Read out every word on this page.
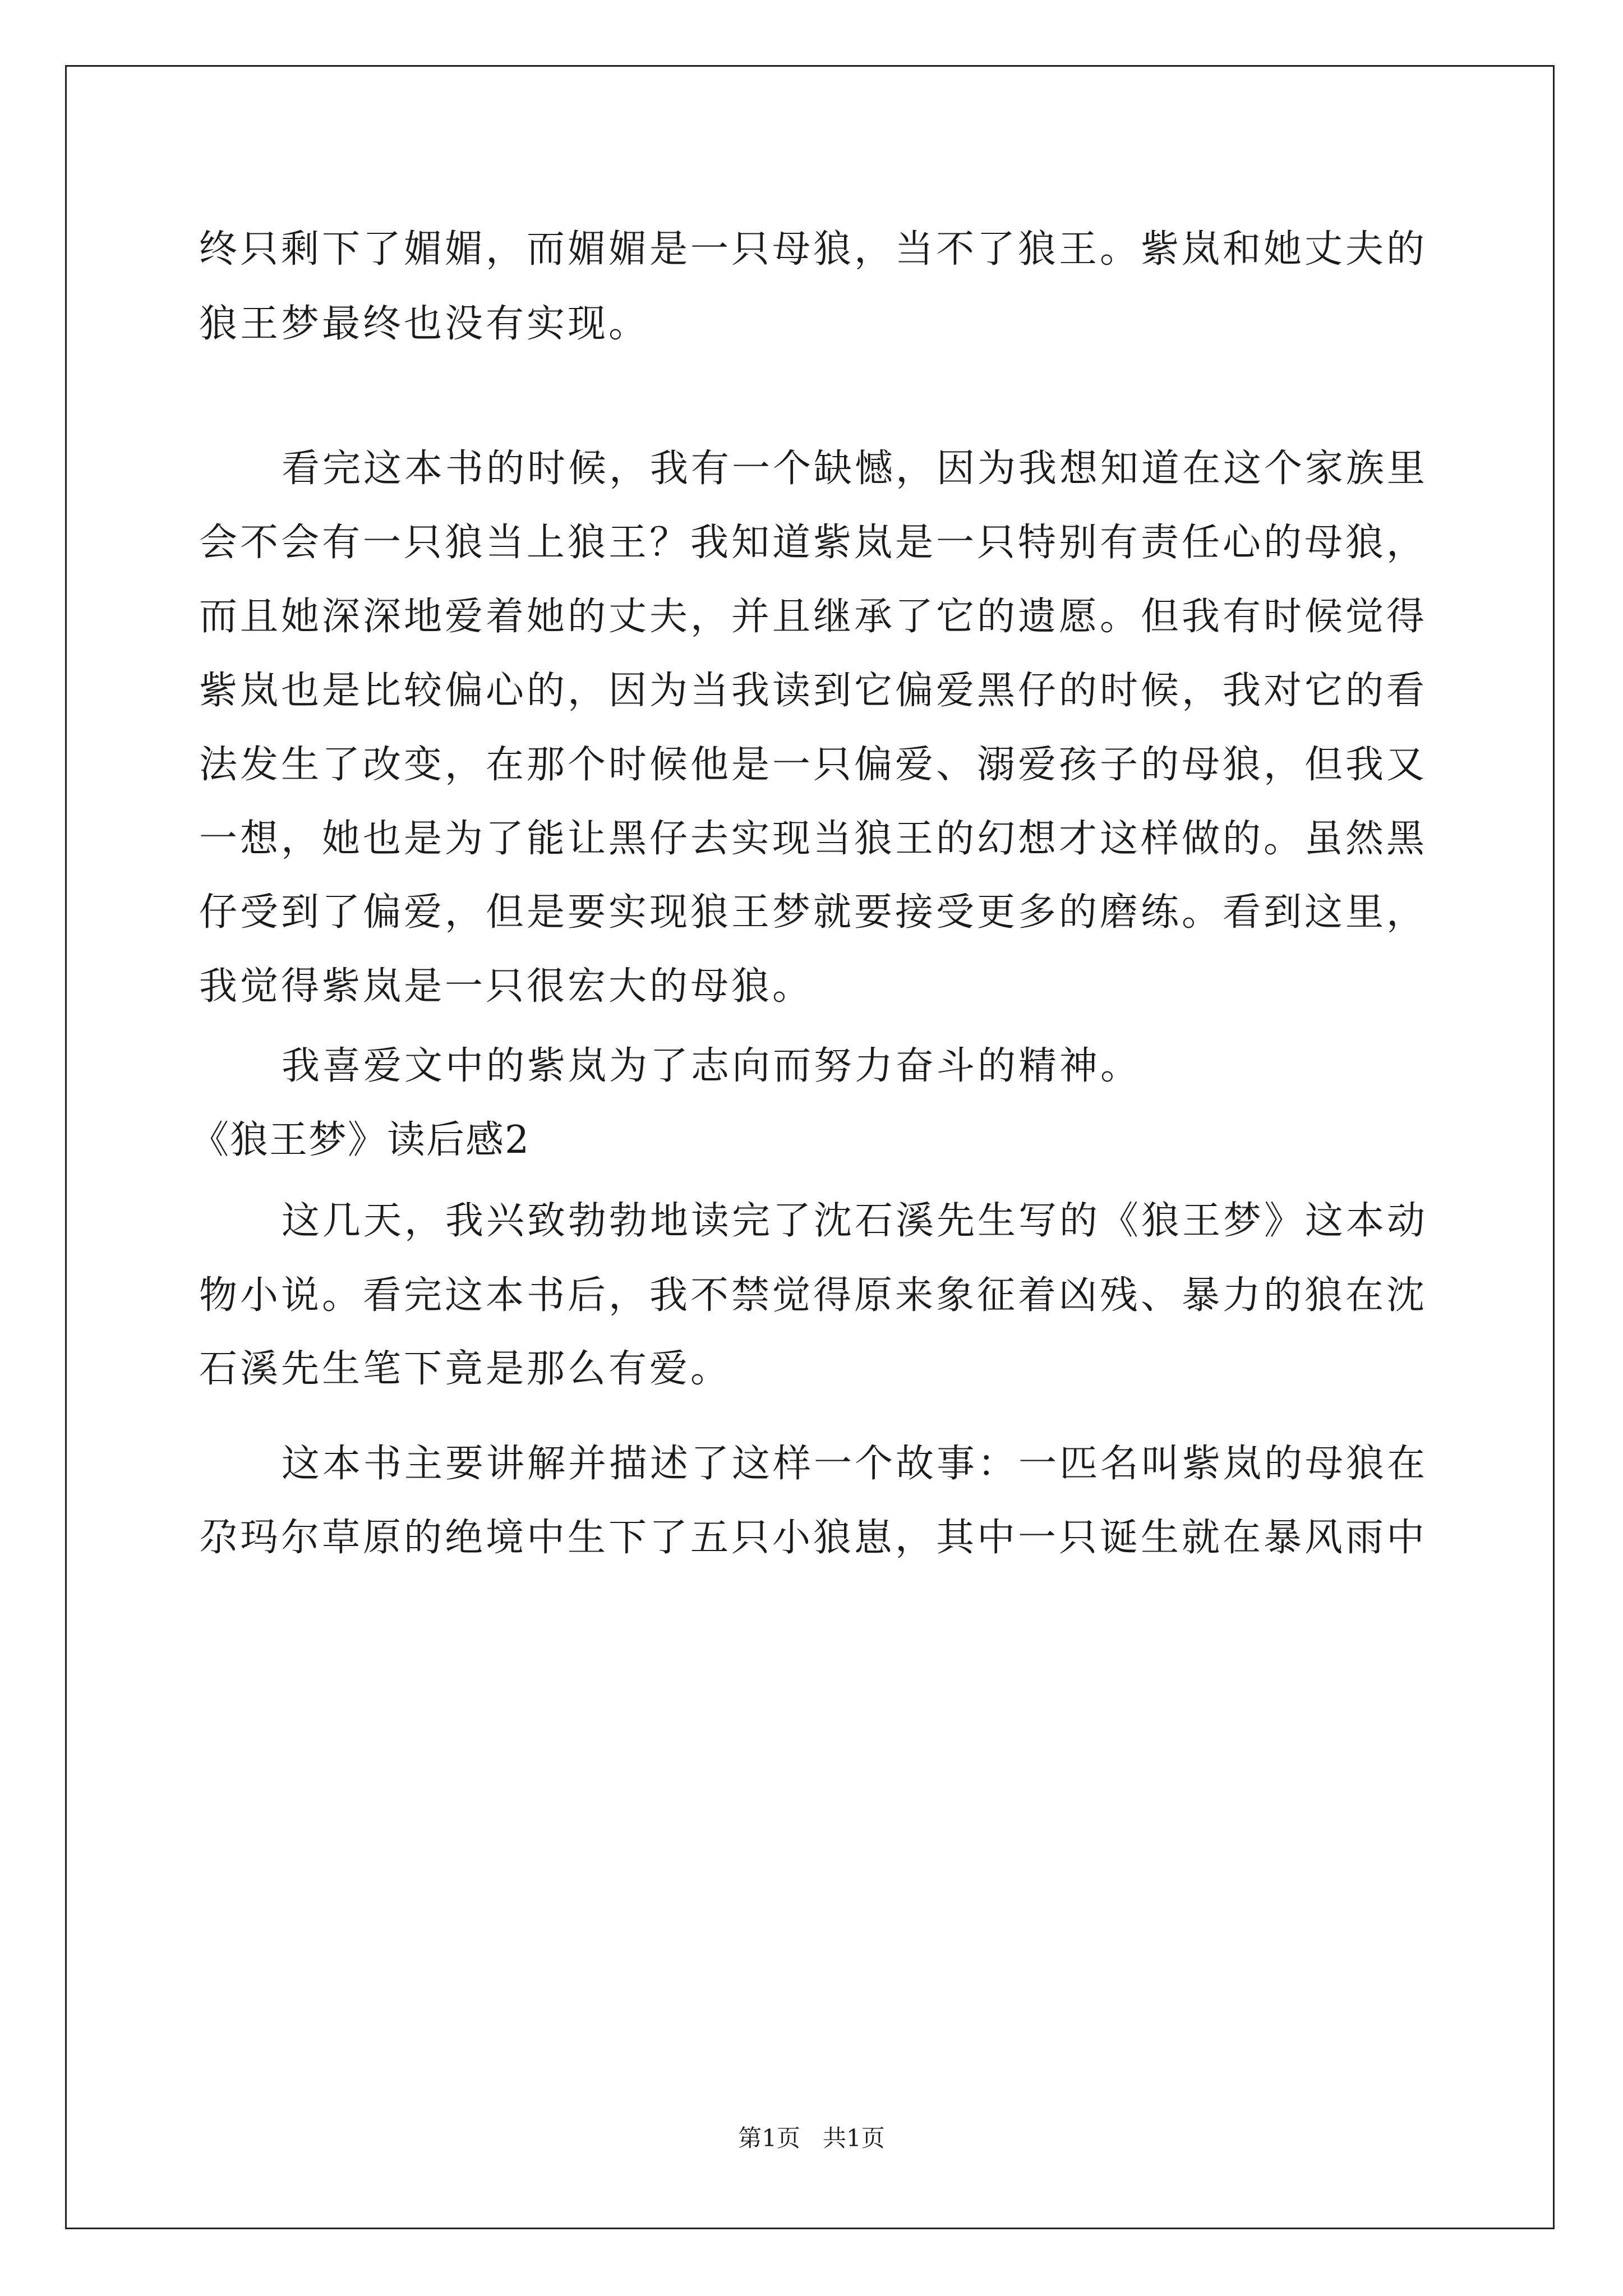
终只剩下了媚媚，而媚媚是一只母狼，当不了狼王。紫岚和她丈夫的
狼王梦最终也没有实现。
看完这本书的时候，我有一个缺憾，因为我想知道在这个家族里
会不会有一只狼当上狼王？我知道紫岚是一只特别有责任心的母狼，
而且她深深地爱着她的丈夫，并且继承了它的遗愿。但我有时候觉得
紫岚也是比较偏心的，因为当我读到它偏爱黑仔的时候，我对它的看
法发生了改变，在那个时候他是一只偏爱、溺爱孩子的母狼，但我又
一想，她也是为了能让黑仔去实现当狼王的幻想才这样做的。虽然黑
仔受到了偏爱，但是要实现狼王梦就要接受更多的磨练。看到这里，
我觉得紫岚是一只很宏大的母狼。
我喜爱文中的紫岚为了志向而努力奋斗的精神。
《狼王梦》读后感2
这几天，我兴致勃勃地读完了沈石溪先生写的《狼王梦》这本动
物小说。看完这本书后，我不禁觉得原来象征着凶残、暴力的狼在沈
石溪先生笔下竟是那么有爱。
这本书主要讲解并描述了这样一个故事：一匹名叫紫岚的母狼在
尕玛尔草原的绝境中生下了五只小狼崽，其中一只诞生就在暴风雨中
第1页   共1页
